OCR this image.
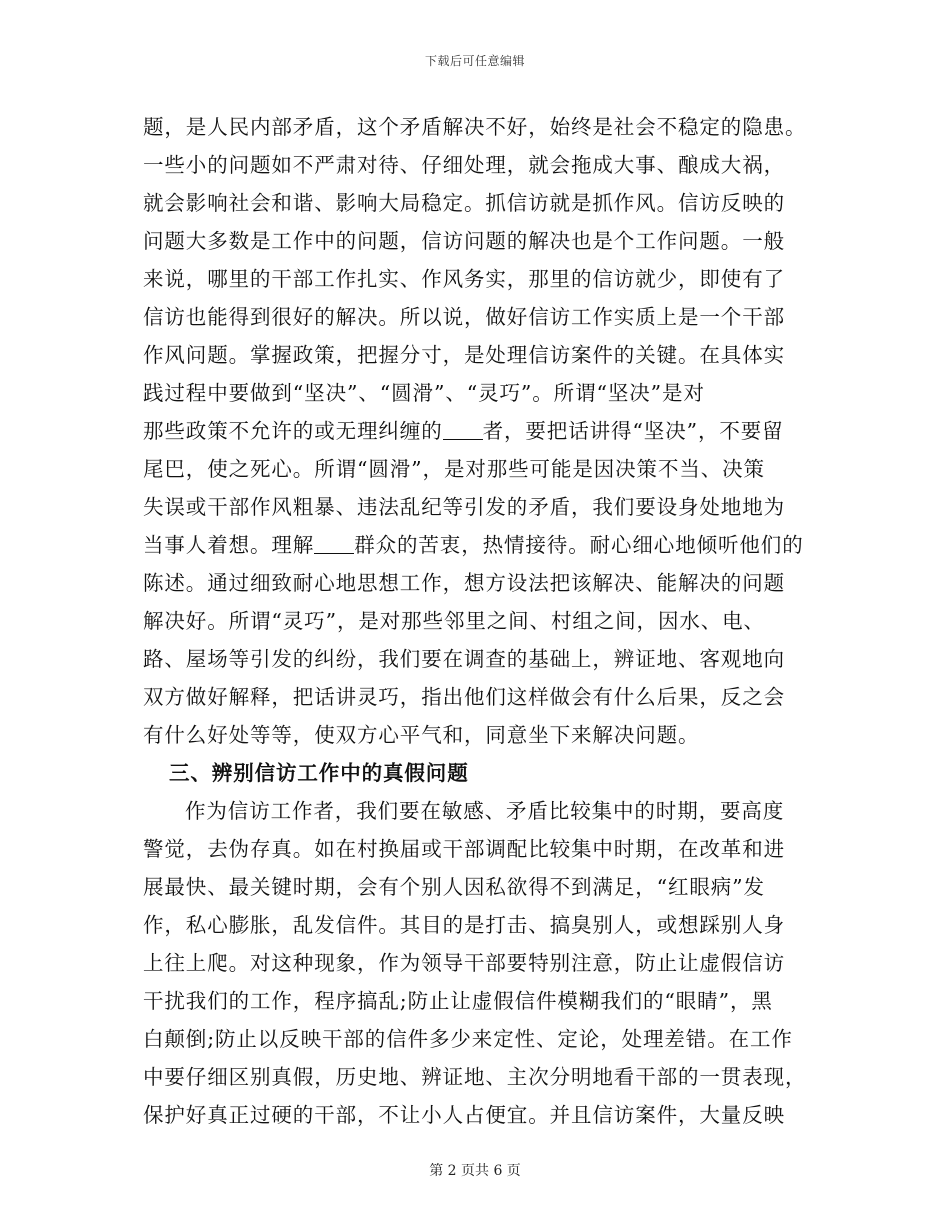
下载后可任意编辑
题，是人民内部矛盾，这个矛盾解决不好，始终是社会不稳定的隐患。
一些小的问题如不严肃对待、仔细处理，就会拖成大事、酿成大祸，
就会影响社会和谐、影响大局稳定。抓信访就是抓作风。信访反映的
问题大多数是工作中的问题，信访问题的解决也是个工作问题。一般
来说，哪里的干部工作扎实、作风务实，那里的信访就少，即使有了
信访也能得到很好的解决。所以说，做好信访工作实质上是一个干部
作风问题。掌握政策，把握分寸，是处理信访案件的关键。在具体实
践过程中要做到“坚决”、“圆滑”、“灵巧”。所谓“坚决”是对
那些政策不允许的或无理纠缠的 者，要把话讲得“坚决”，不要留
尾巴，使之死心。所谓“圆滑”，是对那些可能是因决策不当、决策
失误或干部作风粗暴、违法乱纪等引发的矛盾，我们要设身处地地为
当事人着想。理解 群众的苦衷，热情接待。耐心细心地倾听他们的
陈述。通过细致耐心地思想工作，想方设法把该解决、能解决的问题
解决好。所谓“灵巧”，是对那些邻里之间、村组之间，因水、电、
路、屋场等引发的纠纷，我们要在调查的基础上，辨证地、客观地向
双方做好解释，把话讲灵巧，指出他们这样做会有什么后果，反之会
有什么好处等等，使双方心平气和，同意坐下来解决问题。
三、辨别信访工作中的真假问题
作为信访工作者，我们要在敏感、矛盾比较集中的时期，要高度
警觉，去伪存真。如在村换届或干部调配比较集中时期，在改革和进
展最快、最关键时期，会有个别人因私欲得不到满足，“红眼病”发
作，私心膨胀，乱发信件。其目的是打击、搞臭别人，或想踩别人身
上往上爬。对这种现象，作为领导干部要特别注意，防止让虚假信访
干扰我们的工作，程序搞乱;防止让虚假信件模糊我们的“眼睛”，黑
白颠倒;防止以反映干部的信件多少来定性、定论，处理差错。在工作
中要仔细区别真假，历史地、辨证地、主次分明地看干部的一贯表现，
保护好真正过硬的干部，不让小人占便宜。并且信访案件，大量反映
第 2 页共 6 页
